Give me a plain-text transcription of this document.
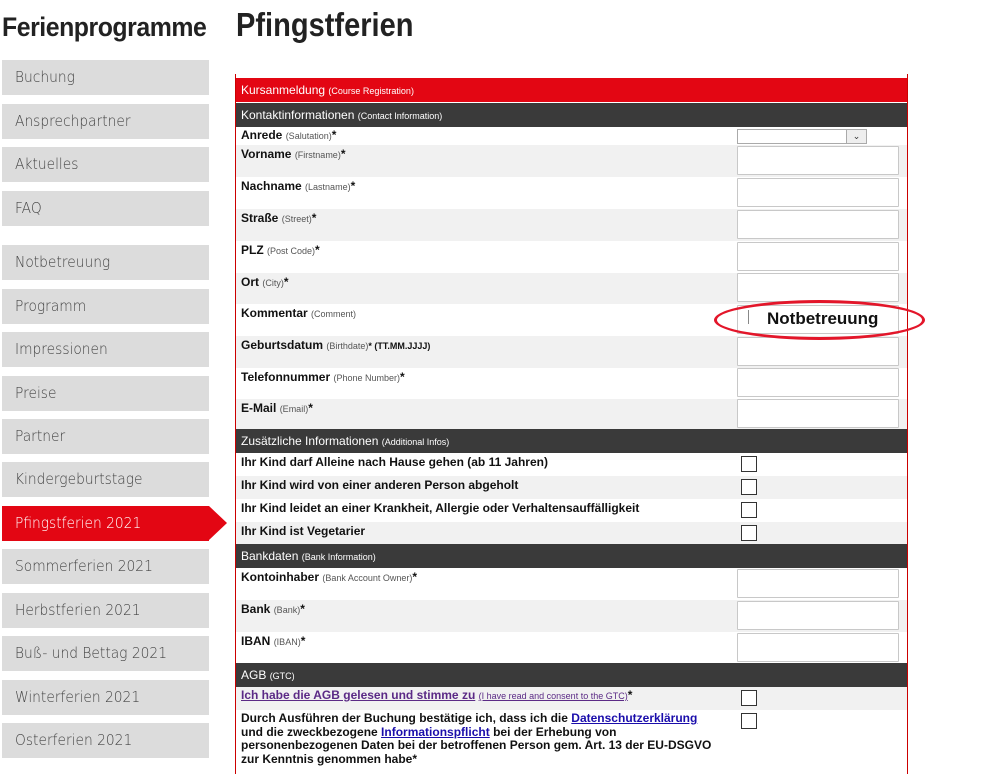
Ferienprogramme
Buchung
Ansprechpartner
Aktuelles
FAQ
Notbetreuung
Programm
Impressionen
Preise
Partner
Kindergeburtstage
Pfingstferien 2021
Sommerferien 2021
Herbstferien 2021
Buß- und Bettag 2021
Winterferien 2021
Osterferien 2021
Pfingstferien
Kursanmeldung (Course Registration)
Kontaktinformationen (Contact Information)
Anrede (Salutation)*	⌄
Vorname (Firstname)*
Nachname (Lastname)*
Straße (Street)*
PLZ (Post Code)*
Ort (City)*
Kommentar (Comment)
Geburtsdatum (Birthdate)* (TT.MM.JJJJ)
Telefonnummer (Phone Number)*
E-Mail (Email)*
Zusätzliche Informationen (Additional Infos)
Ihr Kind darf Alleine nach Hause gehen (ab 11 Jahren)
Ihr Kind wird von einer anderen Person abgeholt
Ihr Kind leidet an einer Krankheit, Allergie oder Verhaltensauffälligkeit
Ihr Kind ist Vegetarier
Bankdaten (Bank Information)
Kontoinhaber (Bank Account Owner)*
Bank (Bank)*
IBAN (IBAN)*
AGB (GTC)
Ich habe die AGB gelesen und stimme zu (I have read and consent to the GTC)*
Durch Ausführen der Buchung bestätige ich, dass ich die Datenschutzerklärung und die zweckbezogene Informationspflicht bei der Erhebung von personenbezogenen Daten bei der betroffenen Person gem. Art. 13 der EU-DSGVO zur Kenntnis genommen habe*
Notbetreuung
